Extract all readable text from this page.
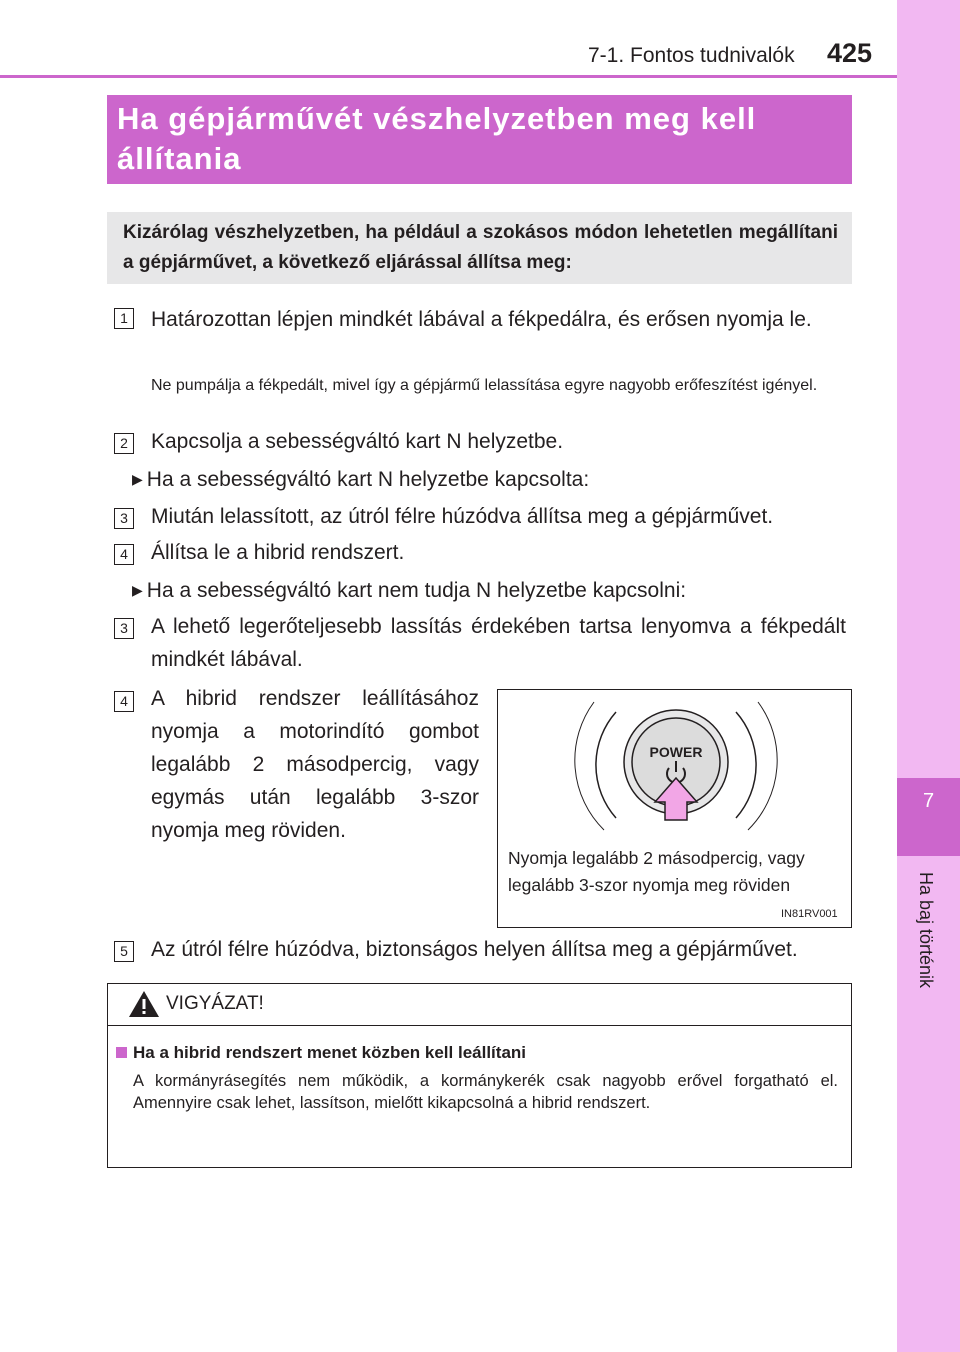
7
Ha baj történik
7-1. Fontos tudnivalók 425
Ha gépjárművét vészhelyzetben meg kell állítania
Kizárólag vészhelyzetben, ha például a szokásos módon lehetetlen megállítani a gépjárművet, a következő eljárással állítsa meg:
1 Határozottan lépjen mindkét lábával a fékpedálra, és erősen nyomja le.
Ne pumpálja a fékpedált, mivel így a gépjármű lelassítása egyre nagyobb erőfeszítést igényel.
2 Kapcsolja a sebességváltó kart N helyzetbe.
▶ Ha a sebességváltó kart N helyzetbe kapcsolta:
3 Miután lelassított, az útról félre húzódva állítsa meg a gépjárművet.
4 Állítsa le a hibrid rendszert.
▶ Ha a sebességváltó kart nem tudja N helyzetbe kapcsolni:
3 A lehető legerőteljesebb lassítás érdekében tartsa lenyomva a fékpedált mindkét lábával.
4 A hibrid rendszer leállításához nyomja a motorindító gombot legalább 2 másodpercig, vagy egymás után legalább 3-szor nyomja meg röviden.
POWER
Nyomja legalább 2 másodpercig, vagy
legalább 3-szor nyomja meg röviden
IN81RV001
5 Az útról félre húzódva, biztonságos helyen állítsa meg a gépjárművet.
VIGYÁZAT!
Ha a hibrid rendszert menet közben kell leállítani
A kormányrásegítés nem működik, a kormánykerék csak nagyobb erővel forgatható el. Amennyire csak lehet, lassítson, mielőtt kikapcsolná a hibrid rendszert.
